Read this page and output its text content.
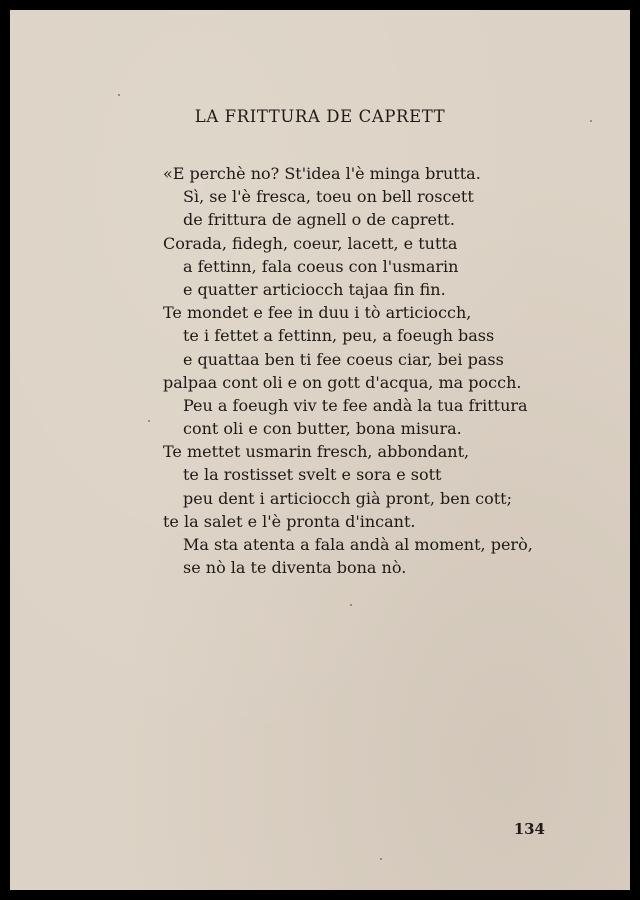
LA FRITTURA DE CAPRETT
«E perchè no? St'idea l'è minga brutta.
Sì, se l'è fresca, toeu on bell roscett
de frittura de agnell o de caprett.
Corada, fidegh, coeur, lacett, e tutta
a fettinn, fala coeus con l'usmarin
e quatter articiocch tajaa fin fin.
Te mondet e fee in duu i tò articiocch,
te i fettet a fettinn, peu, a foeugh bass
e quattaa ben ti fee coeus ciar, bei pass
palpaa cont oli e on gott d'acqua, ma pocch.
Peu a foeugh viv te fee andà la tua frittura
cont oli e con butter, bona misura.
Te mettet usmarin fresch, abbondant,
te la rostisset svelt e sora e sott
peu dent i articiocch già pront, ben cott;
te la salet e l'è pronta d'incant.
Ma sta atenta a fala andà al moment, però,
se nò la te diventa bona nò.
134
